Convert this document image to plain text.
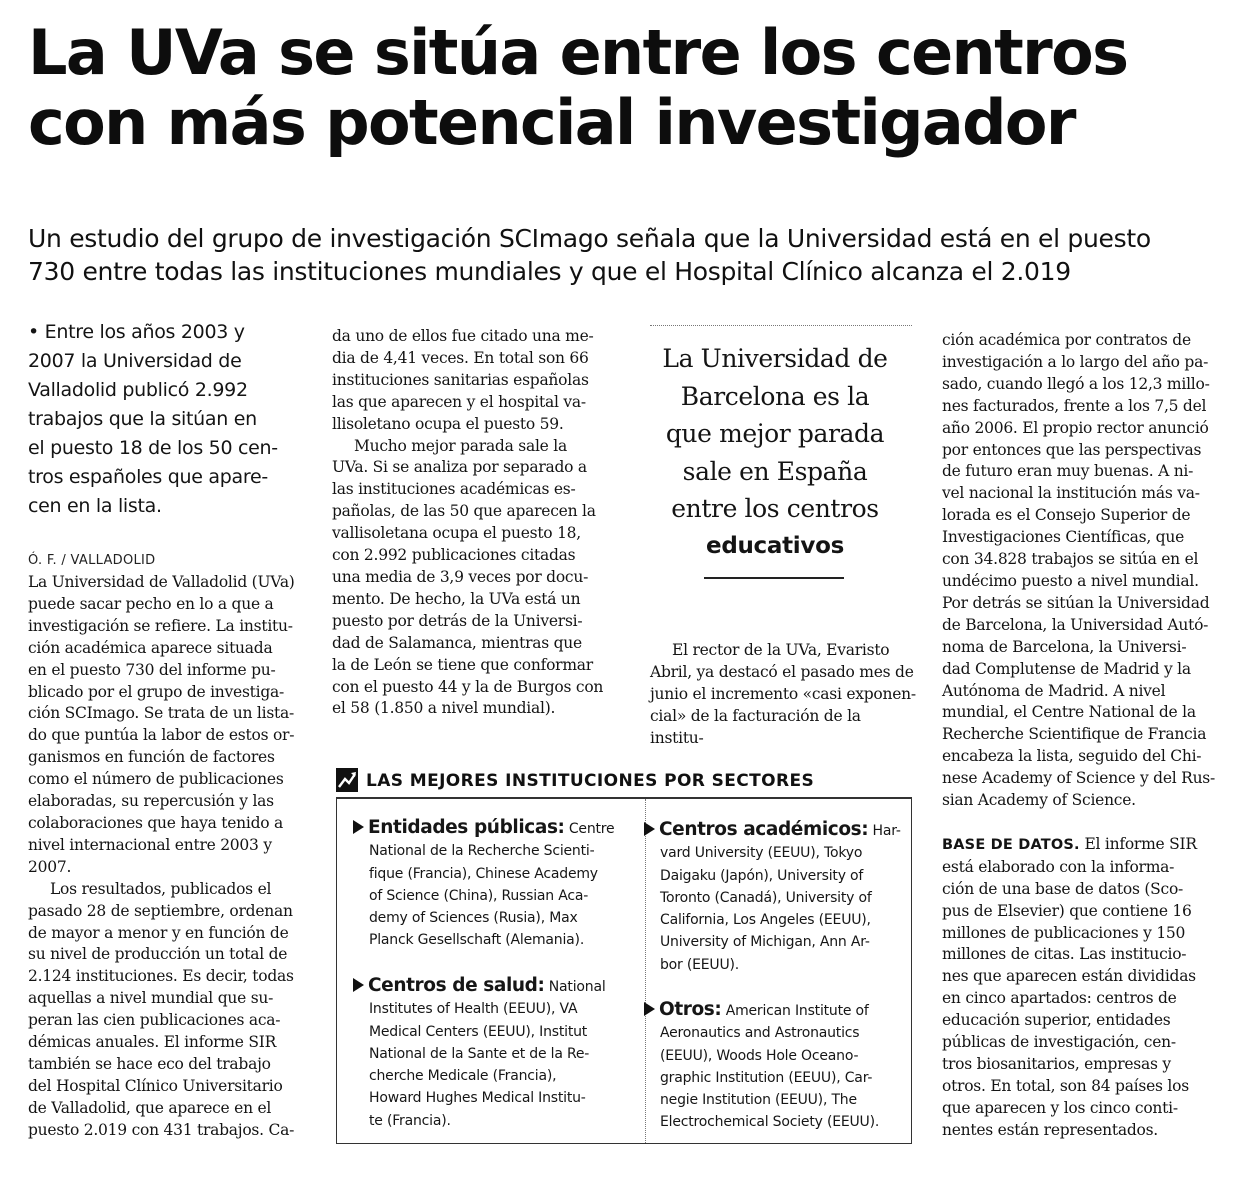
La UVa se sitúa entre los centros
con más potencial investigador
Un estudio del grupo de investigación SCImago señala que la Universidad está en el puesto
730 entre todas las instituciones mundiales y que el Hospital Clínico alcanza el 2.019
• Entre los años 2003 y
2007 la Universidad de
Valladolid publicó 2.992
trabajos que la sitúan en
el puesto 18 de los 50 cen-
tros españoles que apare-
cen en la lista.
Ó. F. / VALLADOLID
La Universidad de Valladolid (UVa)
puede sacar pecho en lo a que a
investigación se refiere. La institu-
ción académica aparece situada
en el puesto 730 del informe pu-
blicado por el grupo de investiga-
ción SCImago. Se trata de un lista-
do que puntúa la labor de estos or-
ganismos en función de factores
como el número de publicaciones
elaboradas, su repercusión y las
colaboraciones que haya tenido a
nivel internacional entre 2003 y
2007.
Los resultados, publicados el
pasado 28 de septiembre, ordenan
de mayor a menor y en función de
su nivel de producción un total de
2.124 instituciones. Es decir, todas
aquellas a nivel mundial que su-
peran las cien publicaciones aca-
démicas anuales. El informe SIR
también se hace eco del trabajo
del Hospital Clínico Universitario
de Valladolid, que aparece en el
puesto 2.019 con 431 trabajos. Ca-
da uno de ellos fue citado una me-
dia de 4,41 veces. En total son 66
instituciones sanitarias españolas
las que aparecen y el hospital va-
llisoletano ocupa el puesto 59.
Mucho mejor parada sale la
UVa. Si se analiza por separado a
las instituciones académicas es-
pañolas, de las 50 que aparecen la
vallisoletana ocupa el puesto 18,
con 2.992 publicaciones citadas
una media de 3,9 veces por docu-
mento. De hecho, la UVa está un
puesto por detrás de la Universi-
dad de Salamanca, mientras que
la de León se tiene que conformar
con el puesto 44 y la de Burgos con
el 58 (1.850 a nivel mundial).
La Universidad de
Barcelona es la
que mejor parada
sale en España
entre los centros
educativos
El rector de la UVa, Evaristo
Abril, ya destacó el pasado mes de
junio el incremento «casi exponen-
cial» de la facturación de la institu-
ción académica por contratos de
investigación a lo largo del año pa-
sado, cuando llegó a los 12,3 millo-
nes facturados, frente a los 7,5 del
año 2006. El propio rector anunció
por entonces que las perspectivas
de futuro eran muy buenas. A ni-
vel nacional la institución más va-
lorada es el Consejo Superior de
Investigaciones Científicas, que
con 34.828 trabajos se sitúa en el
undécimo puesto a nivel mundial.
Por detrás se sitúan la Universidad
de Barcelona, la Universidad Autó-
noma de Barcelona, la Universi-
dad Complutense de Madrid y la
Autónoma de Madrid. A nivel
mundial, el Centre National de la
Recherche Scientifique de Francia
encabeza la lista, seguido del Chi-
nese Academy of Science y del Rus-
sian Academy of Science.
BASE DE DATOS. El informe SIR
está elaborado con la informa-
ción de una base de datos (Sco-
pus de Elsevier) que contiene 16
millones de publicaciones y 150
millones de citas. Las institucio-
nes que aparecen están divididas
en cinco apartados: centros de
educación superior, entidades
públicas de investigación, cen-
tros biosanitarios, empresas y
otros. En total, son 84 países los
que aparecen y los cinco conti-
nentes están representados.
LAS MEJORES INSTITUCIONES POR SECTORES
Entidades públicas: Centre
National de la Recherche Scienti-
fique (Francia), Chinese Academy
of Science (China), Russian Aca-
demy of Sciences (Rusia), Max
Planck Gesellschaft (Alemania).
Centros de salud: National
Institutes of Health (EEUU), VA
Medical Centers (EEUU), Institut
National de la Sante et de la Re-
cherche Medicale (Francia),
Howard Hughes Medical Institu-
te (Francia).
Centros académicos: Har-
vard University (EEUU), Tokyo
Daigaku (Japón), University of
Toronto (Canadá), University of
California, Los Angeles (EEUU),
University of Michigan, Ann Ar-
bor (EEUU).
Otros: American Institute of
Aeronautics and Astronautics
(EEUU), Woods Hole Oceano-
graphic Institution (EEUU), Car-
negie Institution (EEUU), The
Electrochemical Society (EEUU).
